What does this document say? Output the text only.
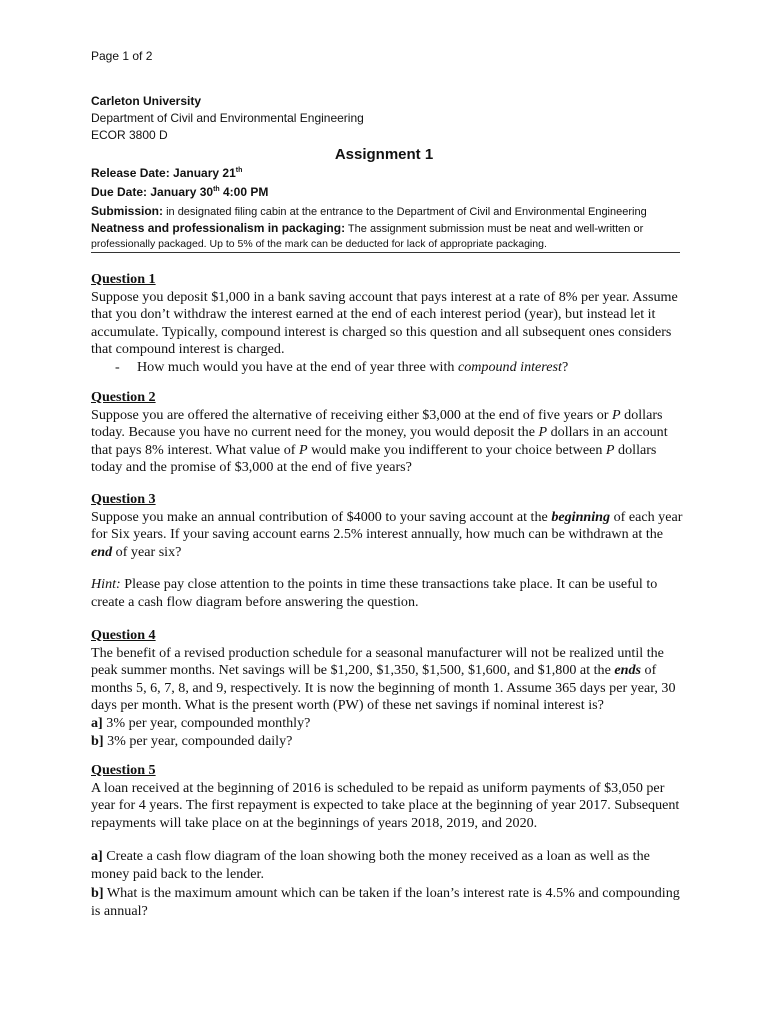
Page 1 of 2
Carleton University
Department of Civil and Environmental Engineering
ECOR 3800 D
Assignment 1
Release Date: January 21th
Due Date: January 30th 4:00 PM
Submission: in designated filing cabin at the entrance to the Department of Civil and Environmental Engineering
Neatness and professionalism in packaging: The assignment submission must be neat and well-written or
professionally packaged. Up to 5% of the mark can be deducted for lack of appropriate packaging.
Question 1

Suppose you deposit $1,000 in a bank saving account that pays interest at a rate of 8% per year. Assume that you don’t withdraw the interest earned at the end of each interest period (year), but instead let it accumulate. Typically, compound interest is charged so this question and all subsequent ones considers that compound interest is charged.

- How much would you have at the end of year three with compound interest?
Question 2

Suppose you are offered the alternative of receiving either $3,000 at the end of five years or P dollars today. Because you have no current need for the money, you would deposit the P dollars in an account that pays 8% interest. What value of P would make you indifferent to your choice between P dollars today and the promise of $3,000 at the end of five years?

Question 3

Suppose you make an annual contribution of $4000 to your saving account at the beginning of each year for Six years. If your saving account earns 2.5% interest annually, how much can be withdrawn at the end of year six?

Hint: Please pay close attention to the points in time these transactions take place. It can be useful to create a cash flow diagram before answering the question.

Question 4

The benefit of a revised production schedule for a seasonal manufacturer will not be realized until the peak summer months. Net savings will be $1,200, $1,350, $1,500, $1,600, and $1,800 at the ends of months 5, 6, 7, 8, and 9, respectively. It is now the beginning of month 1. Assume 365 days per year, 30 days per month. What is the present worth (PW) of these net savings if nominal interest is?

a] 3% per year, compounded monthly?
b] 3% per year, compounded daily?
Question 5

A loan received at the beginning of 2016 is scheduled to be repaid as uniform payments of $3,050 per year for 4 years. The first repayment is expected to take place at the beginning of year 2017. Subsequent repayments will take place on at the beginnings of years 2018, 2019, and 2020.

a] Create a cash flow diagram of the loan showing both the money received as a loan as well as the money paid back to the lender.

b] What is the maximum amount which can be taken if the loan’s interest rate is 4.5% and compounding is annual?
